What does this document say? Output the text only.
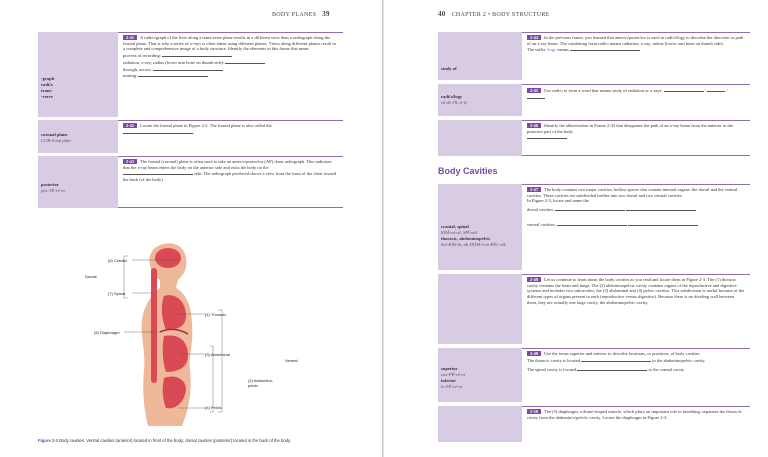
BODY PLANES 39
-graph
radi/o
trans-
-verse
2-41 A radi/o/graph of the liver along a trans/verse plane results in a different view than a radiograph along the frontal plane. That is why a series of x-rays is often taken using different planes. Views along different planes result in a complete and comprehensive image of a body structure. Identify the elements in this frame that mean
process of recording:
radiation, x-ray; radius (lower arm bone on thumb side):
through, across:
turning:
coronal plane
COR-ō-nal plān
2-42 Locate the frontal plane in Figure 2-2. The frontal plane is also called the .
posterior
pŏs-TĒ-rē-or
2-43 The frontal (coronal) plane is often used to take an anter/o/poster/ior (AP) chest radiograph. This indicates that the x-ray beam enters the body on the anterior side and exits the body on the  side. The radiograph produced shows a view from the front of the chest toward the back (of the body).
(6) Cranial
Dorsal
(7) Spinal
(1) Thoracic
(5) Diaphragm
(3) Abdominal
Ventral
(2) Abdomino-pelvic
(4) Pelvic
Figure 2-3 Body cavities. Ventral cavities (anterior) located in front of the body; dorsal cavities (posterior) located in the back of the body.
40 CHAPTER 2 • BODY STRUCTURE
study of
2-44 In the previous frame, you learned that anter/o/poster/ior is used in radi/o/logy to describe the direction or path of an x-ray beam. The combining form radi/o means radiation; x-ray; radius (lower arm bone on thumb side).
The suffix -logy means
radi/o/logy
rā-dē-ŎL-ō-jē
2-45 Use radi/o to form a word that means study of radiation or x-rays:	/	/
2-46 Identify the abbreviation in Frame 2-43 that designates the path of an x-ray beam from the anterior to the posterior part of the body.
Body Cavities
cranial, spinal
KRĀ-nē-ăl, SPĪ-năl
thoracic, abdominopelvic
thō-RĂS-ĭk, ăb-DŎM-ĭ-nō-PĔL-vĭk
2-47 The body contains two major cavities, hollow spaces that contain internal organs: the dorsal and the ventral cavities. These cavities are subdivided further into two dorsal and two ventral cavities.
In Figure 2-3, locate and name the
dorsal cavities:
ventral cavities:
2-48 Let us continue to learn about the body cavities as you read and locate them in Figure 2-3. The (1) thoracic cavity contains the heart and lungs. The (2) abdominopelvic cavity contains organs of the reproductive and digestive systems and includes two subcavities, the (3) abdominal and (4) pelvic cavities. This subdivision is useful because of the different types of organs present in each (reproductive versus digestive). Because there is no dividing wall between them, they are actually one large cavity, the abdominopelvic cavity.
superior
soo-PĒ-rē-or
inferior
ĭn-FĒ-rē-or
2-49 Use the terms superior and inferior to describe locations, or positions, of body cavities.
The thoracic cavity is located	to the abdominopelvic cavity.
The spinal cavity is located	to the cranial cavity.
2-50 The (5) diaphragm, a dome-shaped muscle, which plays an important role in breathing, separates the thorac/ic cavity from the abdomin/o/pelv/ic cavity. Locate the diaphragm in Figure 2-3.
